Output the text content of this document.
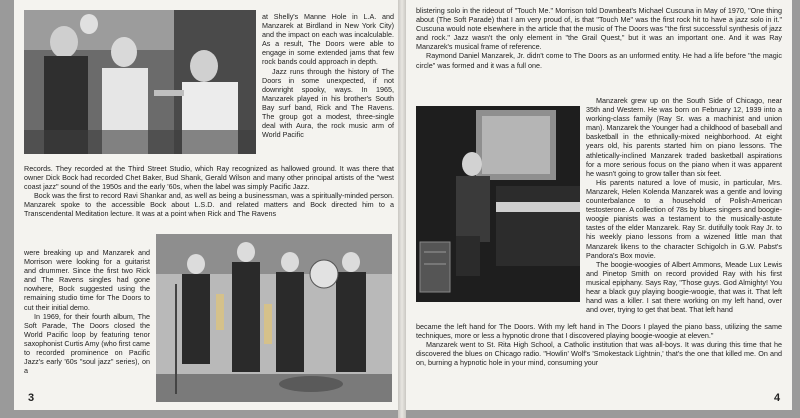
at Shelly's Manne Hole in L.A. and Manzarek at Birdland in New York City) and the impact on each was incalculable. As a result, The Doors were able to engage in some extended jams that few rock bands could approach in depth.

Jazz runs through the history of The Doors in some unexpected, if not downright spooky, ways. In 1965, Manzarek played in his brother's South Bay surf band, Rick and The Ravens. The group got a modest, three-single deal with Aura, the rock music arm of World Pacific

Records. They recorded at the Third Street Studio, which Ray recognized as hallowed ground. It was there that owner Dick Bock had recorded Chet Baker, Bud Shank, Gerald Wilson and many other principal artists of the "west coast jazz" sound of the 1950s and the early '60s, when the label was simply Pacific Jazz.

Bock was the first to record Ravi Shankar and, as well as being a businessman, was a spiritually-minded person. Manzarek spoke to the accessible Bock about L.S.D. and related matters and Bock directed him to a Transcendental Meditation lecture. It was at a point when Rick and The Ravens

were breaking up and Manzarek and Morrison were looking for a guitarist and drummer. Since the first two Rick and The Ravens singles had gone nowhere, Bock suggested using the remaining studio time for The Doors to cut their initial demo.

In 1969, for their fourth album, The Soft Parade, The Doors closed the World Pacific loop by featuring tenor saxophonist Curtis Amy (who first came to recorded prominence on Pacific Jazz's early '60s "soul jazz" series), on a

3

blistering solo in the rideout of "Touch Me." Morrison told Downbeat's Michael Cuscuna in May of 1970, "One thing about (The Soft Parade) that I am very proud of, is that "Touch Me" was the first rock hit to have a jazz solo in it." Cuscuna would note elsewhere in the article that the music of The Doors was "the first successful synthesis of jazz and rock." Jazz wasn't the only element in "the Grail Quest," but it was an important one. And it was Ray Manzarek's musical frame of reference.

Raymond Daniel Manzarek, Jr. didn't come to The Doors as an unformed entity. He had a life before "the magic circle" was formed and it was a full one.

Manzarek grew up on the South Side of Chicago, near 35th and Western. He was born on February 12, 1939 into a working-class family (Ray Sr. was a machinist and union man). Manzarek the Younger had a childhood of baseball and basketball in the ethnically-mixed neighborhood. At eight years old, his parents started him on piano lessons. The athletically-inclined Manzarek traded basketball aspirations for a more serious focus on the piano when it was apparent he wasn't going to grow taller than six feet.

His parents natured a love of music, in particular, Mrs. Manzarek, Helen Kolenda Manzarek was a gentle and loving counterbalance to a household of Polish-American testosterone. A collection of 78s by blues singers and boogie-woogie pianists was a testament to the musically-astute tastes of the elder Manzarek. Ray Sr. dutifully took Ray Jr. to his weekly piano lessons from a wizened little man that Manzarek likens to the character Schigolch in G.W. Pabst's Pandora's Box movie.

The boogie-woogies of Albert Ammons, Meade Lux Lewis and Pinetop Smith on record provided Ray with his first musical epiphany. Says Ray, "Those guys. God Almighty! You hear a black guy playing boogie-woogie, that was it. That left hand was a killer. I sat there working on my left hand, over and over, trying to get that beat. That left hand

became the left hand for The Doors. With my left hand in The Doors I played the piano bass, utilizing the same techniques, more or less a hypnotic drone that I discovered playing boogie-woogie at eleven."

Manzarek went to St. Rita High School, a Catholic institution that was all-boys. It was during this time that he discovered the blues on Chicago radio. "Howlin' Wolf's 'Smokestack Lightnin,' that's the one that killed me. On and on, burning a hypnotic hole in your mind, consuming your

4
